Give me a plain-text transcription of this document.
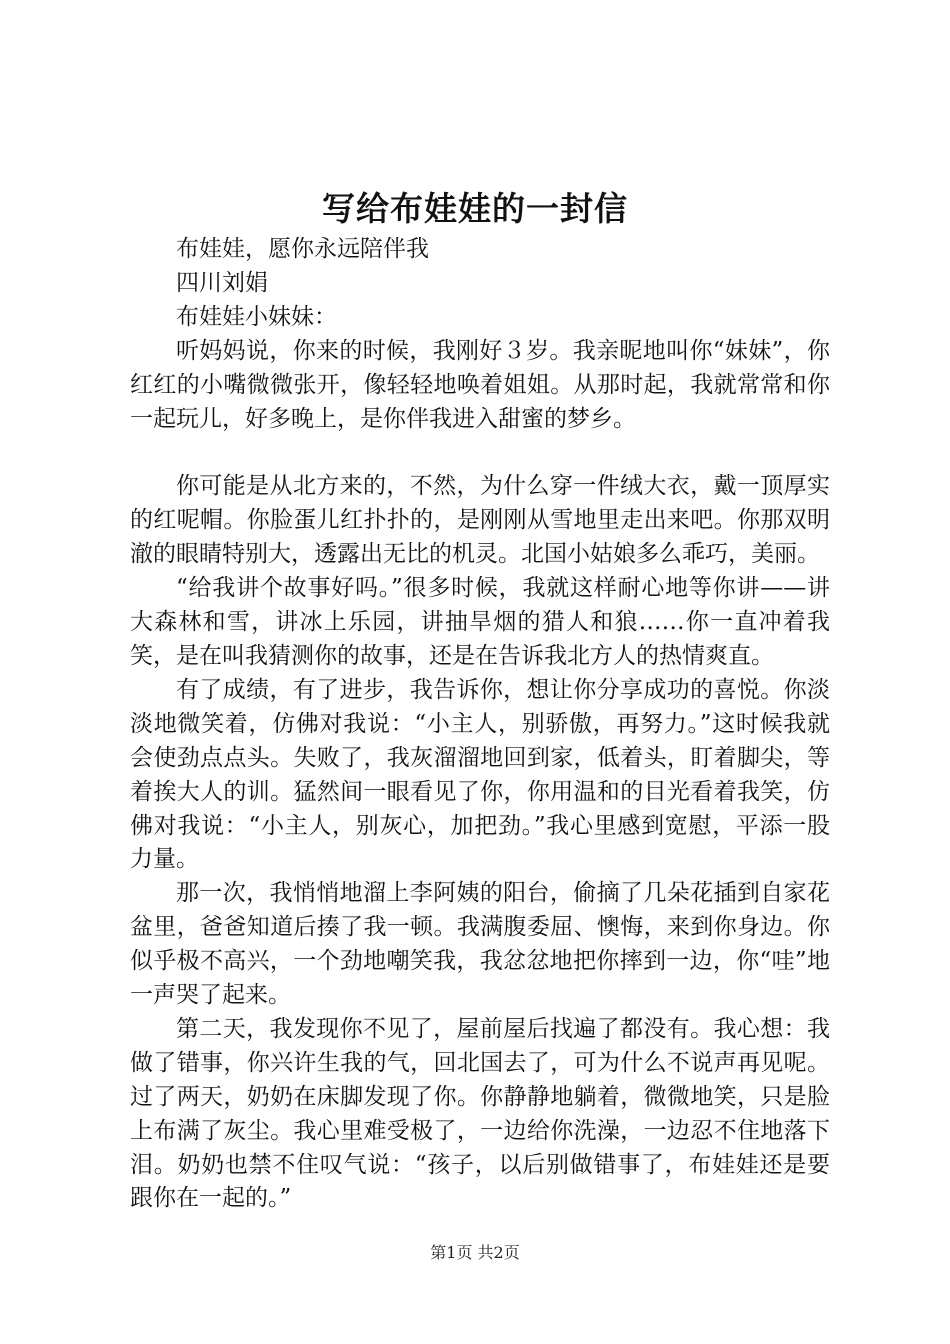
写给布娃娃的一封信

布娃娃，愿你永远陪伴我

四川刘娟

布娃娃小妹妹：

听妈妈说，你来的时候，我刚好３岁。我亲昵地叫你“妹妹”，你红红的小嘴微微张开，像轻轻地唤着姐姐。从那时起，我就常常和你一起玩儿，好多晚上，是你伴我进入甜蜜的梦乡。

你可能是从北方来的，不然，为什么穿一件绒大衣，戴一顶厚实的红呢帽。你脸蛋儿红扑扑的，是刚刚从雪地里走出来吧。你那双明澈的眼睛特别大，透露出无比的机灵。北国小姑娘多么乖巧，美丽。

“给我讲个故事好吗。”很多时候，我就这样耐心地等你讲——讲大森林和雪，讲冰上乐园，讲抽旱烟的猎人和狼……你一直冲着我笑，是在叫我猜测你的故事，还是在告诉我北方人的热情爽直。

有了成绩，有了进步，我告诉你，想让你分享成功的喜悦。你淡淡地微笑着，仿佛对我说：“小主人，别骄傲，再努力。”这时候我就会使劲点点头。失败了，我灰溜溜地回到家，低着头，盯着脚尖，等着挨大人的训。猛然间一眼看见了你，你用温和的目光看着我笑，仿佛对我说：“小主人，别灰心，加把劲。”我心里感到宽慰，平添一股力量。

那一次，我悄悄地溜上李阿姨的阳台，偷摘了几朵花插到自家花盆里，爸爸知道后揍了我一顿。我满腹委屈、懊悔，来到你身边。你似乎极不高兴，一个劲地嘲笑我，我忿忿地把你摔到一边，你“哇”地一声哭了起来。

第二天，我发现你不见了，屋前屋后找遍了都没有。我心想：我做了错事，你兴许生我的气，回北国去了，可为什么不说声再见呢。过了两天，奶奶在床脚发现了你。你静静地躺着，微微地笑，只是脸上布满了灰尘。我心里难受极了，一边给你洗澡，一边忍不住地落下泪。奶奶也禁不住叹气说：“孩子，以后别做错事了，布娃娃还是要跟你在一起的。”

第1页 共2页
